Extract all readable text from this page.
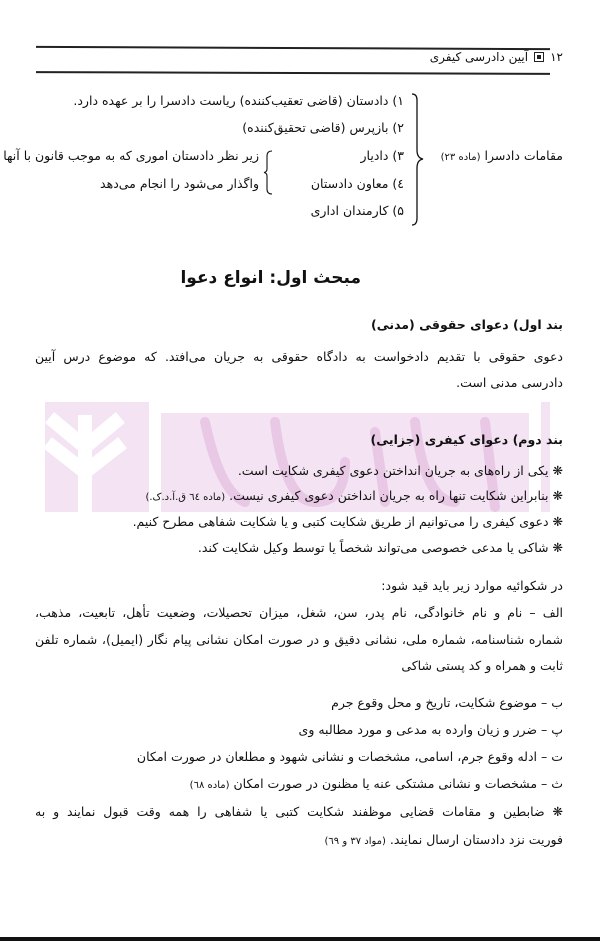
۱۲
آیین دادرسی کیفری
مقامات دادسرا (ماده ۲۳)
۱) دادستان (قاضی تعقیب‌کننده) ریاست دادسرا را بر عهده دارد.
۲) بازپرس (قاضی تحقیق‌کننده)
۳) دادیار
٤) معاون دادستان
۵) کارمندان اداری
زیر نظر دادستان اموری که به موجب قانون با آنها
واگذار می‌شود را انجام می‌دهد
مبحث اول: انواع دعوا
بند اول) دعوای حقوقی (مدنی)
دعوی حقوقی با تقدیم دادخواست به دادگاه حقوقی به جریان می‌افتد. که موضوع درس آیین
دادرسی مدنی است.
بند دوم) دعوای کیفری (جزایی)
❋ یکی از راه‌های به جریان انداختن دعوی کیفری شکایت است.
❋ بنابراین شکایت تنها راه به جریان انداختن دعوی کیفری نیست. (ماده ٦٤ ق.آ.د.ک.)
❋ دعوی کیفری را می‌توانیم از طریق شکایت کتبی و یا شکایت شفاهی مطرح کنیم.
❋ شاکی یا مدعی خصوصی می‌تواند شخصاً یا توسط وکیل شکایت کند.
در شکوائیه موارد زیر باید قید شود:
الف – نام و نام خانوادگی، نام پدر، سن، شغل، میزان تحصیلات، وضعیت تأهل، تابعیت، مذهب،
شماره شناسنامه، شماره ملی، نشانی دقیق و در صورت امکان نشانی پیام نگار (ایمیل)، شماره تلفن
ثابت و همراه و کد پستی شاکی
ب – موضوع شکایت، تاریخ و محل وقوع جرم
پ – ضرر و زیان وارده به مدعی و مورد مطالبه وی
ت – ادله وقوع جرم، اسامی، مشخصات و نشانی شهود و مطلعان در صورت امکان
ث – مشخصات و نشانی مشتکی عنه یا مظنون در صورت امکان (ماده ٦٨)
❋ ضابطین و مقامات قضایی موظفند شکایت کتبی یا شفاهی را همه وقت قبول نمایند و به
فوریت نزد دادستان ارسال نمایند. (مواد ۳۷ و ٦۹)
